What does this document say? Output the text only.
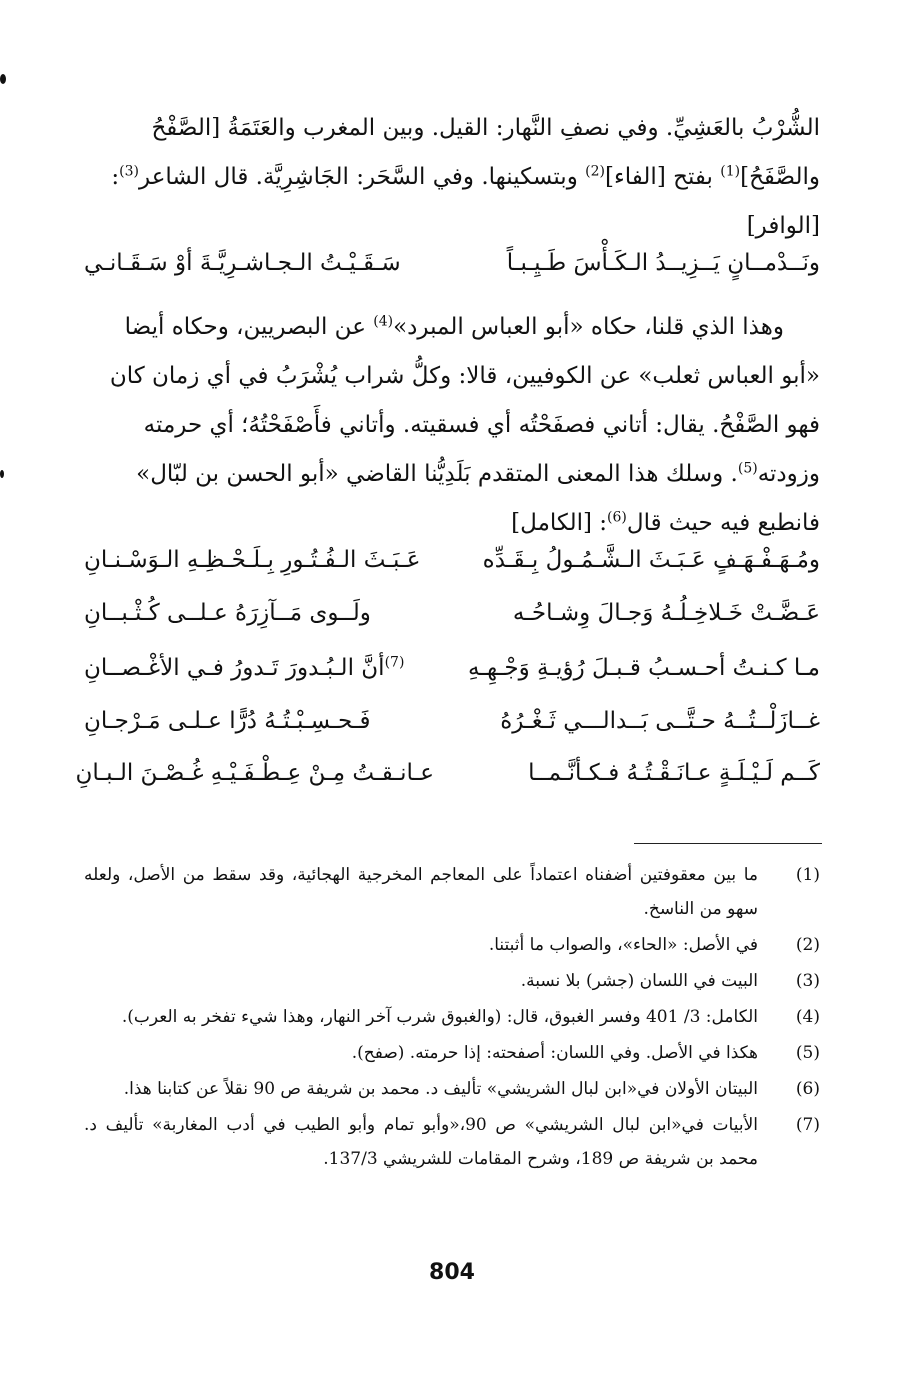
الشُّرْبُ بالعَشِيِّ. وفي نصفِ النَّهار: القيل. وبين المغرب والعَتَمَةُ [الصَّفْحُ
والصَّفَحُ]$^{(1)}$ بفتح [الفاء]$^{(2)}$ وبتسكينها. وفي السَّحَر: الجَاشِرِيَّة. قال الشاعر$^{(3)}$:
[الوافر]
ونَــدْمــانٍ يَــزِيــدُ الـكَـأْسَ طَـيِـبـاً
سَـقَـيْـتُ الـجـاشـرِيَّـةَ أوْ سَـقَـانـي
وهذا الذي قلنا، حكاه «أبو العباس المبرد»$^{(4)}$ عن البصريين، وحكاه أيضا
«أبو العباس ثعلب» عن الكوفيين، قالا: وكلُّ شراب يُشْرَبُ في أي زمان كان
فهو الصَّفْحُ. يقال: أتاني فصفَحْتُه أي فسقيته. وأتاني فأَصْفَحْتُهُ؛ أي حرمته
وزودته$^{(5)}$. وسلك هذا المعنى المتقدم بَلَدِيُّنا القاضي «أبو الحسن بن لبّال»
فانطبع فيه حيث قال$^{(6)}$: [الكامل]
ومُـهَـفْـهَـفٍ عَـبَـثَ الـشَّـمُـولُ بِـقَـدِّه
عَـبَـثَ الـفُـتُـورِ بِـلَـحْـظِـهِ الـوَسْـنـانِ
عَـضَّـتْ خَـلاخِـلُـهُ وَجـالَ وِشـاحُـه
ولَــوى مَــآزِرَهُ عـلــى كُـثْـبــانِ
مـا كـنـتُ أحـسـبُ قـبـلَ رُؤيـةِ وَجْـهِـهِ
$^{(7)}$أنَّ الـبُـدورَ تَـدورُ فـي الأغْـصــانِ
غــازَلْــتُــهُ حـتَّــى بَــدالـــي ثَـغْـرُهُ
فَـحـسِـبْـتُـهُ دُرًّا عـلـى مَـرْجـانِ
كَــم لَـيْـلَـةٍ عـانَـقْـتُـهُ فـكـأنَّـمــا
عـانـقـتُ مِـنْ عِـطْـفَـيْـهِ غُـصْـنَ الـبـانِ
(1)
ما بين معقوفتين أضفناه اعتماداً على المعاجم المخرجية الهجائية، وقد سقط من الأصل، ولعله سهو من الناسخ.
(2)
في الأصل: «الحاء»، والصواب ما أثبتنا.
(3)
البيت في اللسان (جشر) بلا نسبة.
(4)
الكامل: 3/ 401 وفسر الغبوق، قال: (والغبوق شرب آخر النهار، وهذا شيء تفخر به العرب).
(5)
هكذا في الأصل. وفي اللسان: أصفحته: إذا حرمته. (صفح).
(6)
البيتان الأولان في«ابن لبال الشريشي» تأليف د. محمد بن شريفة ص 90 نقلاً عن كتابنا هذا.
(7)
الأبيات في«ابن لبال الشريشي» ص 90،«وأبو تمام وأبو الطيب في أدب المغاربة» تأليف د. محمد بن شريفة ص 189، وشرح المقامات للشريشي 137/3.
804
